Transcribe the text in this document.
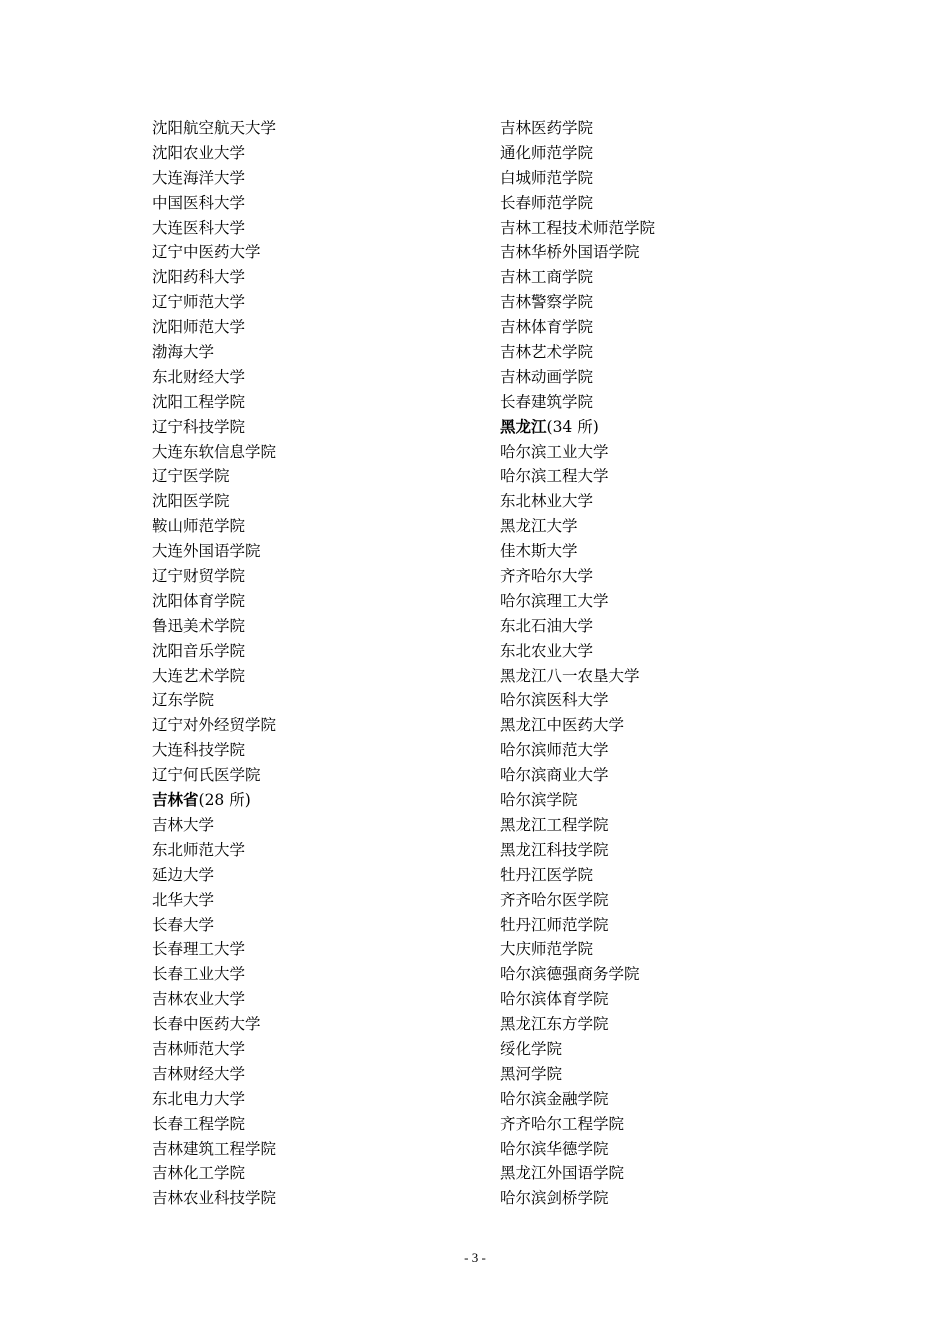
沈阳航空航天大学
沈阳农业大学
大连海洋大学
中国医科大学
大连医科大学
辽宁中医药大学
沈阳药科大学
辽宁师范大学
沈阳师范大学
渤海大学
东北财经大学
沈阳工程学院
辽宁科技学院
大连东软信息学院
辽宁医学院
沈阳医学院
鞍山师范学院
大连外国语学院
辽宁财贸学院
沈阳体育学院
鲁迅美术学院
沈阳音乐学院
大连艺术学院
辽东学院
辽宁对外经贸学院
大连科技学院
辽宁何氏医学院
吉林省(28 所)
吉林大学
东北师范大学
延边大学
北华大学
长春大学
长春理工大学
长春工业大学
吉林农业大学
长春中医药大学
吉林师范大学
吉林财经大学
东北电力大学
长春工程学院
吉林建筑工程学院
吉林化工学院
吉林农业科技学院
吉林医药学院
通化师范学院
白城师范学院
长春师范学院
吉林工程技术师范学院
吉林华桥外国语学院
吉林工商学院
吉林警察学院
吉林体育学院
吉林艺术学院
吉林动画学院
长春建筑学院
黑龙江(34 所)
哈尔滨工业大学
哈尔滨工程大学
东北林业大学
黑龙江大学
佳木斯大学
齐齐哈尔大学
哈尔滨理工大学
东北石油大学
东北农业大学
黑龙江八一农垦大学
哈尔滨医科大学
黑龙江中医药大学
哈尔滨师范大学
哈尔滨商业大学
哈尔滨学院
黑龙江工程学院
黑龙江科技学院
牡丹江医学院
齐齐哈尔医学院
牡丹江师范学院
大庆师范学院
哈尔滨德强商务学院
哈尔滨体育学院
黑龙江东方学院
绥化学院
黑河学院
哈尔滨金融学院
齐齐哈尔工程学院
哈尔滨华德学院
黑龙江外国语学院
哈尔滨剑桥学院
- 3 -
